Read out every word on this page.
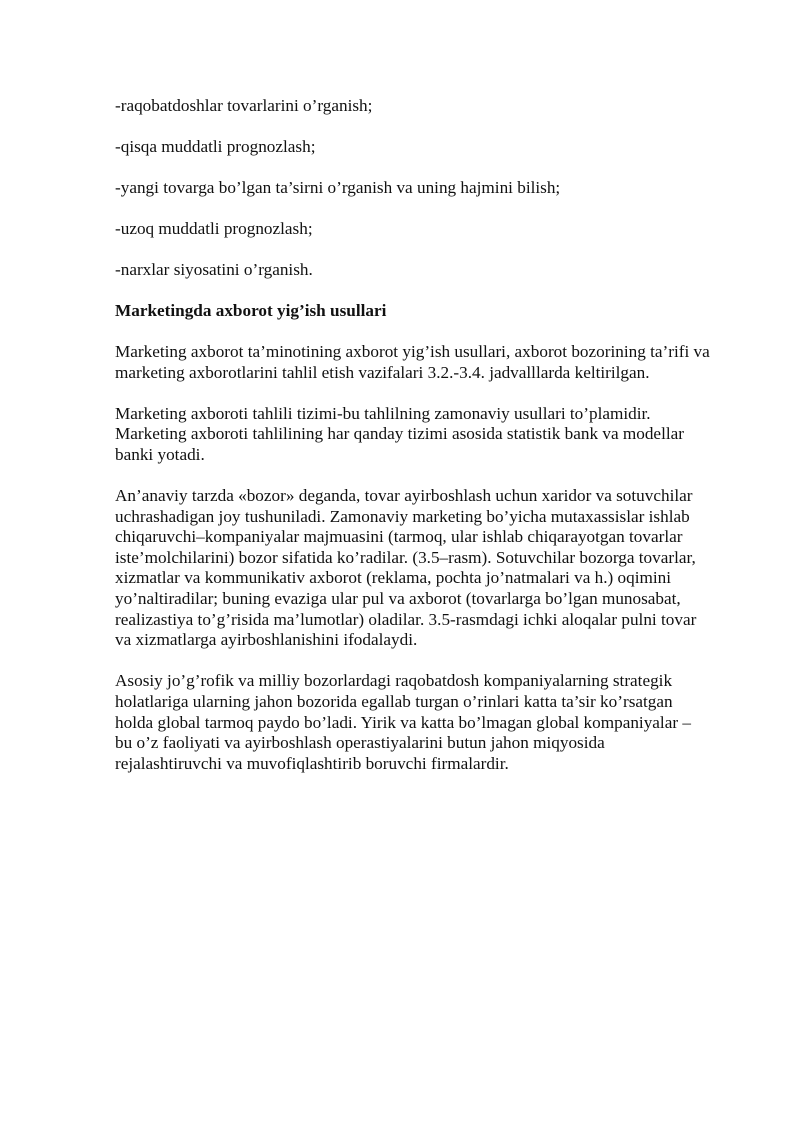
-raqobatdoshlar tovarlarini o’rganish;

-qisqa muddatli prognozlash;

-yangi tovarga bo’lgan ta’sirni o’rganish va uning hajmini bilish;

-uzoq muddatli prognozlash;

-narxlar siyosatini o’rganish.

Marketingda axborot yig’ish usullari

Marketing axborot ta’minotining axborot yig’ish usullari, axborot bozorining ta’rifi va
marketing axborotlarini tahlil etish vazifalari 3.2.-3.4. jadvalllarda keltirilgan.

Marketing axboroti tahlili tizimi-bu tahlilning zamonaviy usullari to’plamidir.
Marketing axboroti tahlilining har qanday tizimi asosida statistik bank va modellar
banki yotadi.

An’anaviy tarzda «bozor» deganda, tovar ayirboshlash uchun xaridor va sotuvchilar
uchrashadigan joy tushuniladi. Zamonaviy marketing bo’yicha mutaxassislar ishlab
chiqaruvchi–kompaniyalar majmuasini (tarmoq, ular ishlab chiqarayotgan tovarlar
iste’molchilarini) bozor sifatida ko’radilar. (3.5–rasm). Sotuvchilar bozorga tovarlar,
xizmatlar va kommunikativ axborot (reklama, pochta jo’natmalari va h.) oqimini
yo’naltiradilar; buning evaziga ular pul va axborot (tovarlarga bo’lgan munosabat,
realizastiya to’g’risida ma’lumotlar) oladilar. 3.5-rasmdagi ichki aloqalar pulni tovar
va xizmatlarga ayirboshlanishini ifodalaydi.

Asosiy jo’g’rofik va milliy bozorlardagi raqobatdosh kompaniyalarning strategik
holatlariga ularning jahon bozorida egallab turgan o’rinlari katta ta’sir ko’rsatgan
holda global tarmoq paydo bo’ladi. Yirik va katta bo’lmagan global kompaniyalar –
bu o’z faoliyati va ayirboshlash operastiyalarini butun jahon miqyosida
rejalashtiruvchi va muvofiqlashtirib boruvchi firmalardir.
